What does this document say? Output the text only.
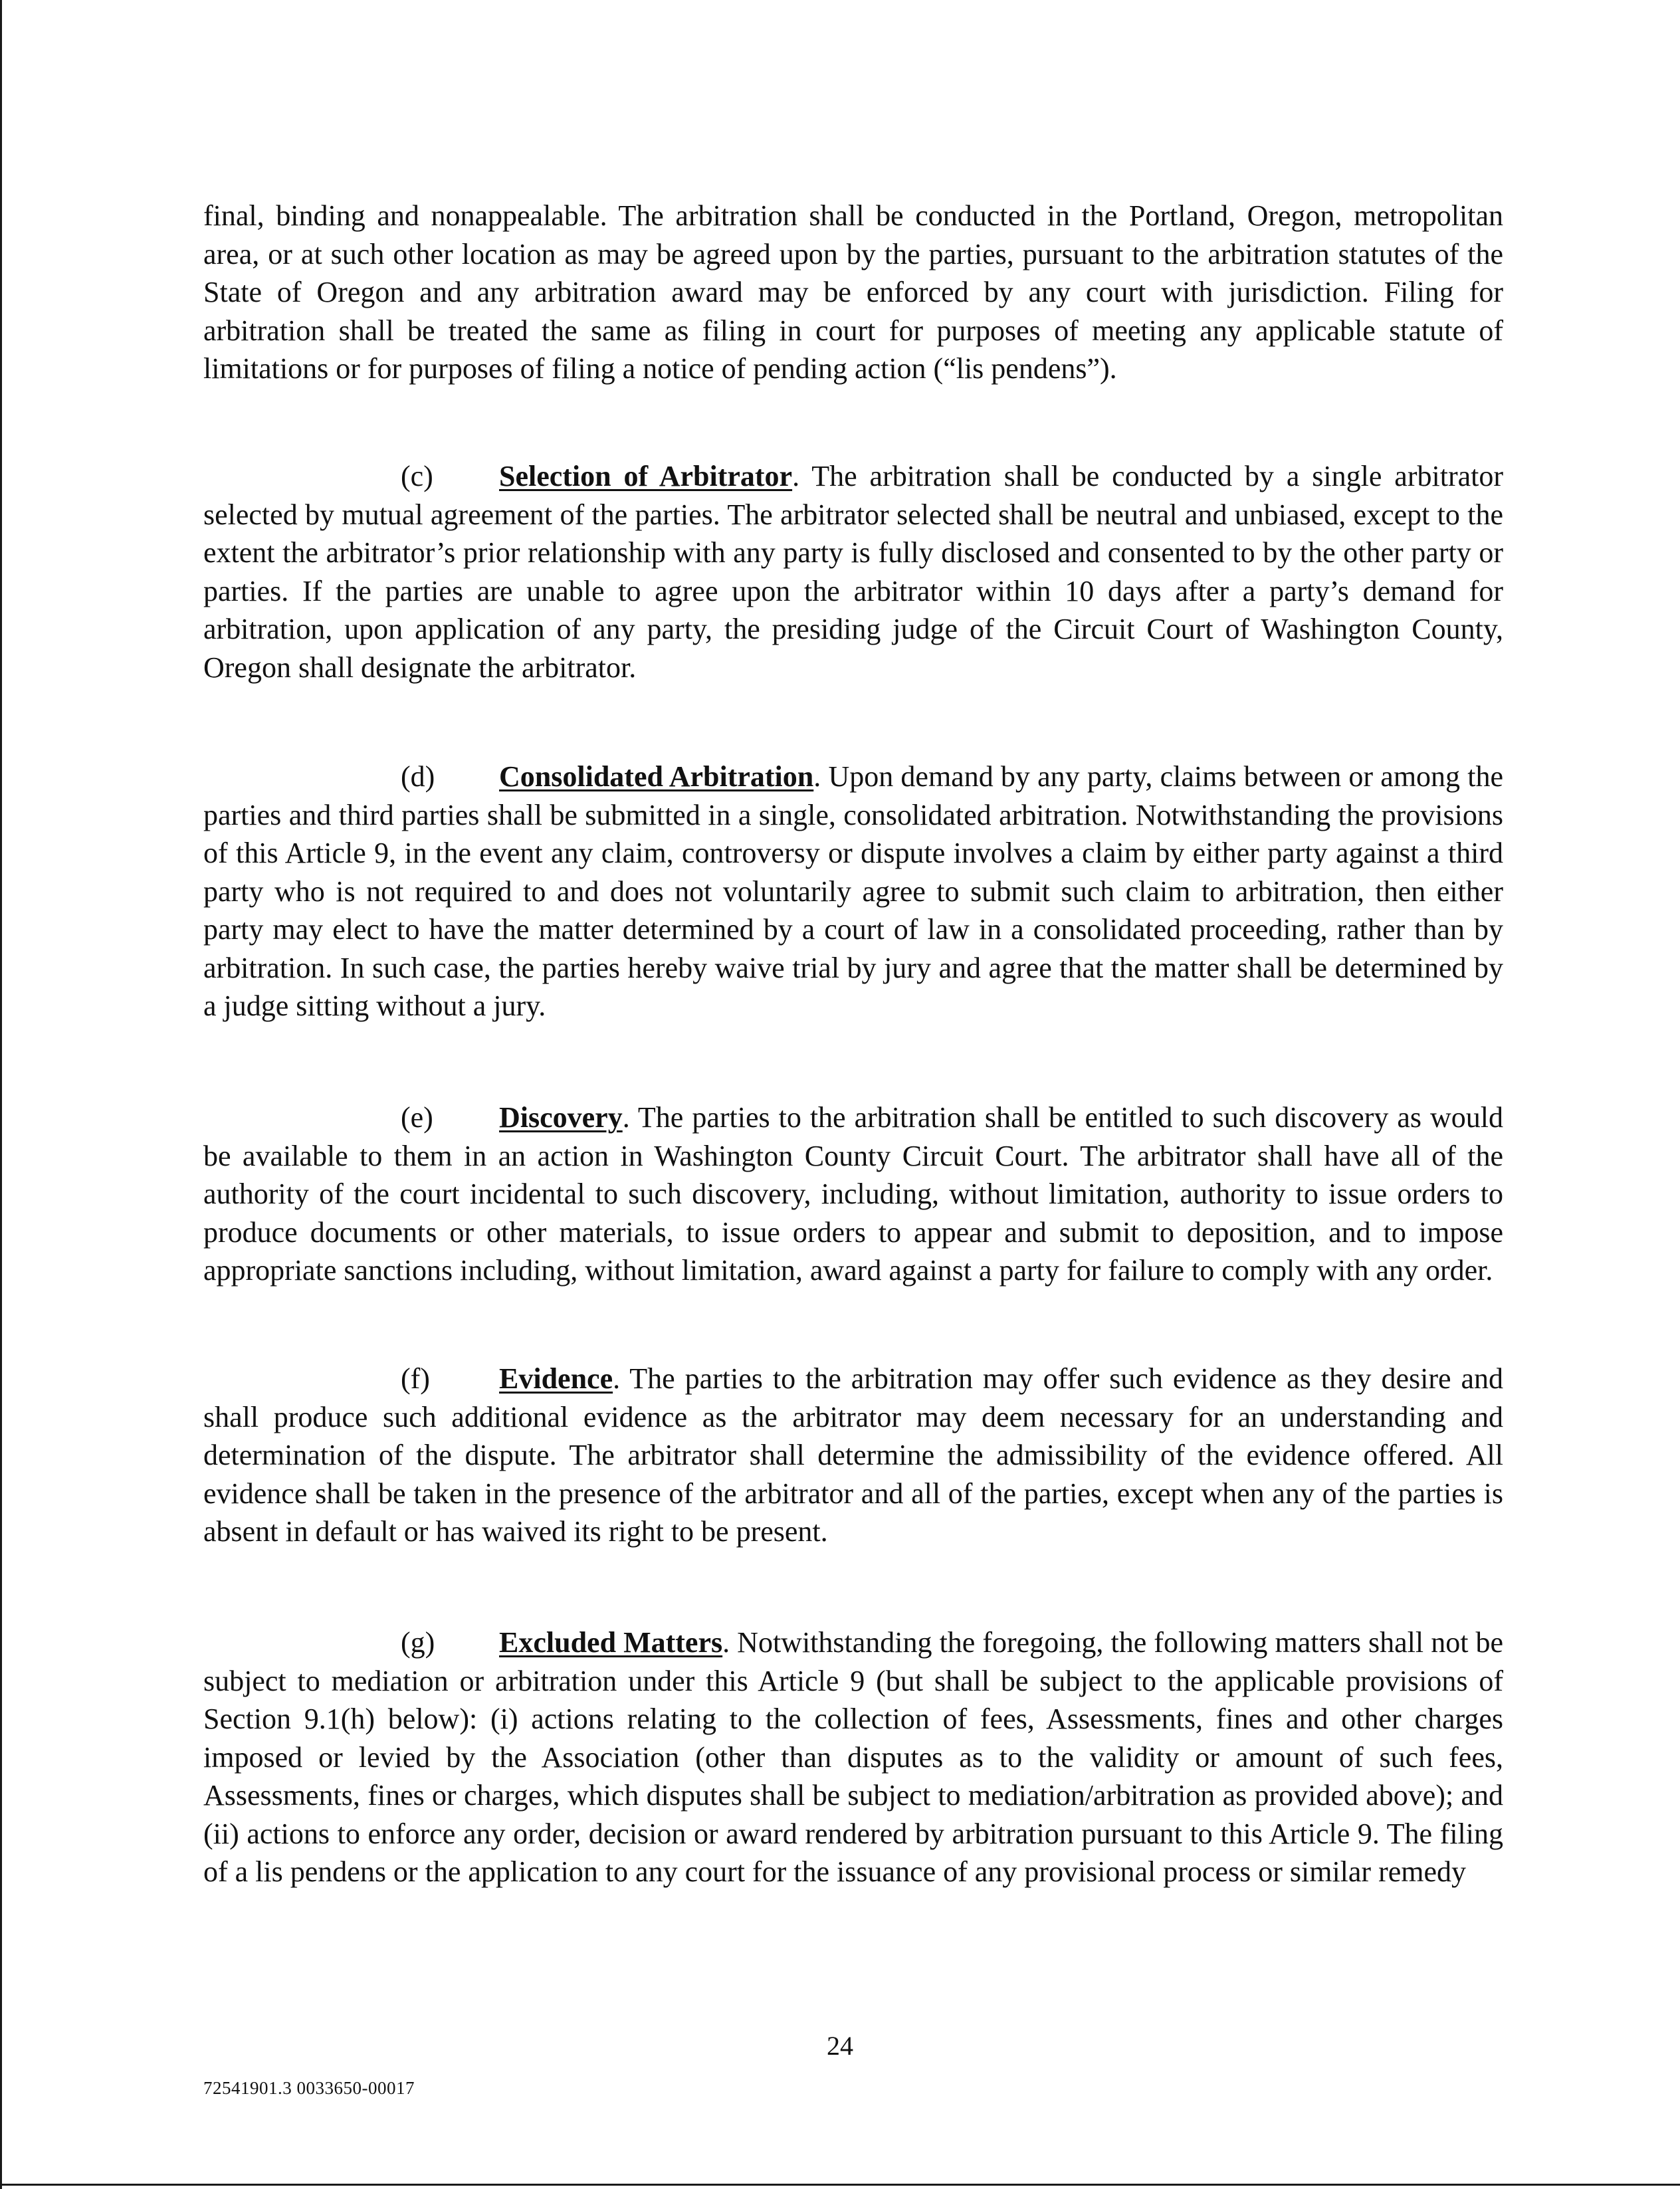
final, binding and nonappealable. The arbitration shall be conducted in the Portland, Oregon, metropolitan area, or at such other location as may be agreed upon by the parties, pursuant to the arbitration statutes of the State of Oregon and any arbitration award may be enforced by any court with jurisdiction. Filing for arbitration shall be treated the same as filing in court for purposes of meeting any applicable statute of limitations or for purposes of filing a notice of pending action (“lis pendens”).

(c) Selection of Arbitrator. The arbitration shall be conducted by a single arbitrator selected by mutual agreement of the parties. The arbitrator selected shall be neutral and unbiased, except to the extent the arbitrator’s prior relationship with any party is fully disclosed and consented to by the other party or parties. If the parties are unable to agree upon the arbitrator within 10 days after a party’s demand for arbitration, upon application of any party, the presiding judge of the Circuit Court of Washington County, Oregon shall designate the arbitrator.

(d) Consolidated Arbitration. Upon demand by any party, claims between or among the parties and third parties shall be submitted in a single, consolidated arbitration. Notwithstanding the provisions of this Article 9, in the event any claim, controversy or dispute involves a claim by either party against a third party who is not required to and does not voluntarily agree to submit such claim to arbitration, then either party may elect to have the matter determined by a court of law in a consolidated proceeding, rather than by arbitration. In such case, the parties hereby waive trial by jury and agree that the matter shall be determined by a judge sitting without a jury.

(e) Discovery. The parties to the arbitration shall be entitled to such discovery as would be available to them in an action in Washington County Circuit Court. The arbitrator shall have all of the authority of the court incidental to such discovery, including, without limitation, authority to issue orders to produce documents or other materials, to issue orders to appear and submit to deposition, and to impose appropriate sanctions including, without limitation, award against a party for failure to comply with any order.

(f) Evidence. The parties to the arbitration may offer such evidence as they desire and shall produce such additional evidence as the arbitrator may deem necessary for an understanding and determination of the dispute. The arbitrator shall determine the admissibility of the evidence offered. All evidence shall be taken in the presence of the arbitrator and all of the parties, except when any of the parties is absent in default or has waived its right to be present.

(g) Excluded Matters. Notwithstanding the foregoing, the following matters shall not be subject to mediation or arbitration under this Article 9 (but shall be subject to the applicable provisions of Section 9.1(h) below): (i) actions relating to the collection of fees, Assessments, fines and other charges imposed or levied by the Association (other than disputes as to the validity or amount of such fees, Assessments, fines or charges, which disputes shall be subject to mediation/arbitration as provided above); and (ii) actions to enforce any order, decision or award rendered by arbitration pursuant to this Article 9. The filing of a lis pendens or the application to any court for the issuance of any provisional process or similar remedy

24
72541901.3 0033650-00017
